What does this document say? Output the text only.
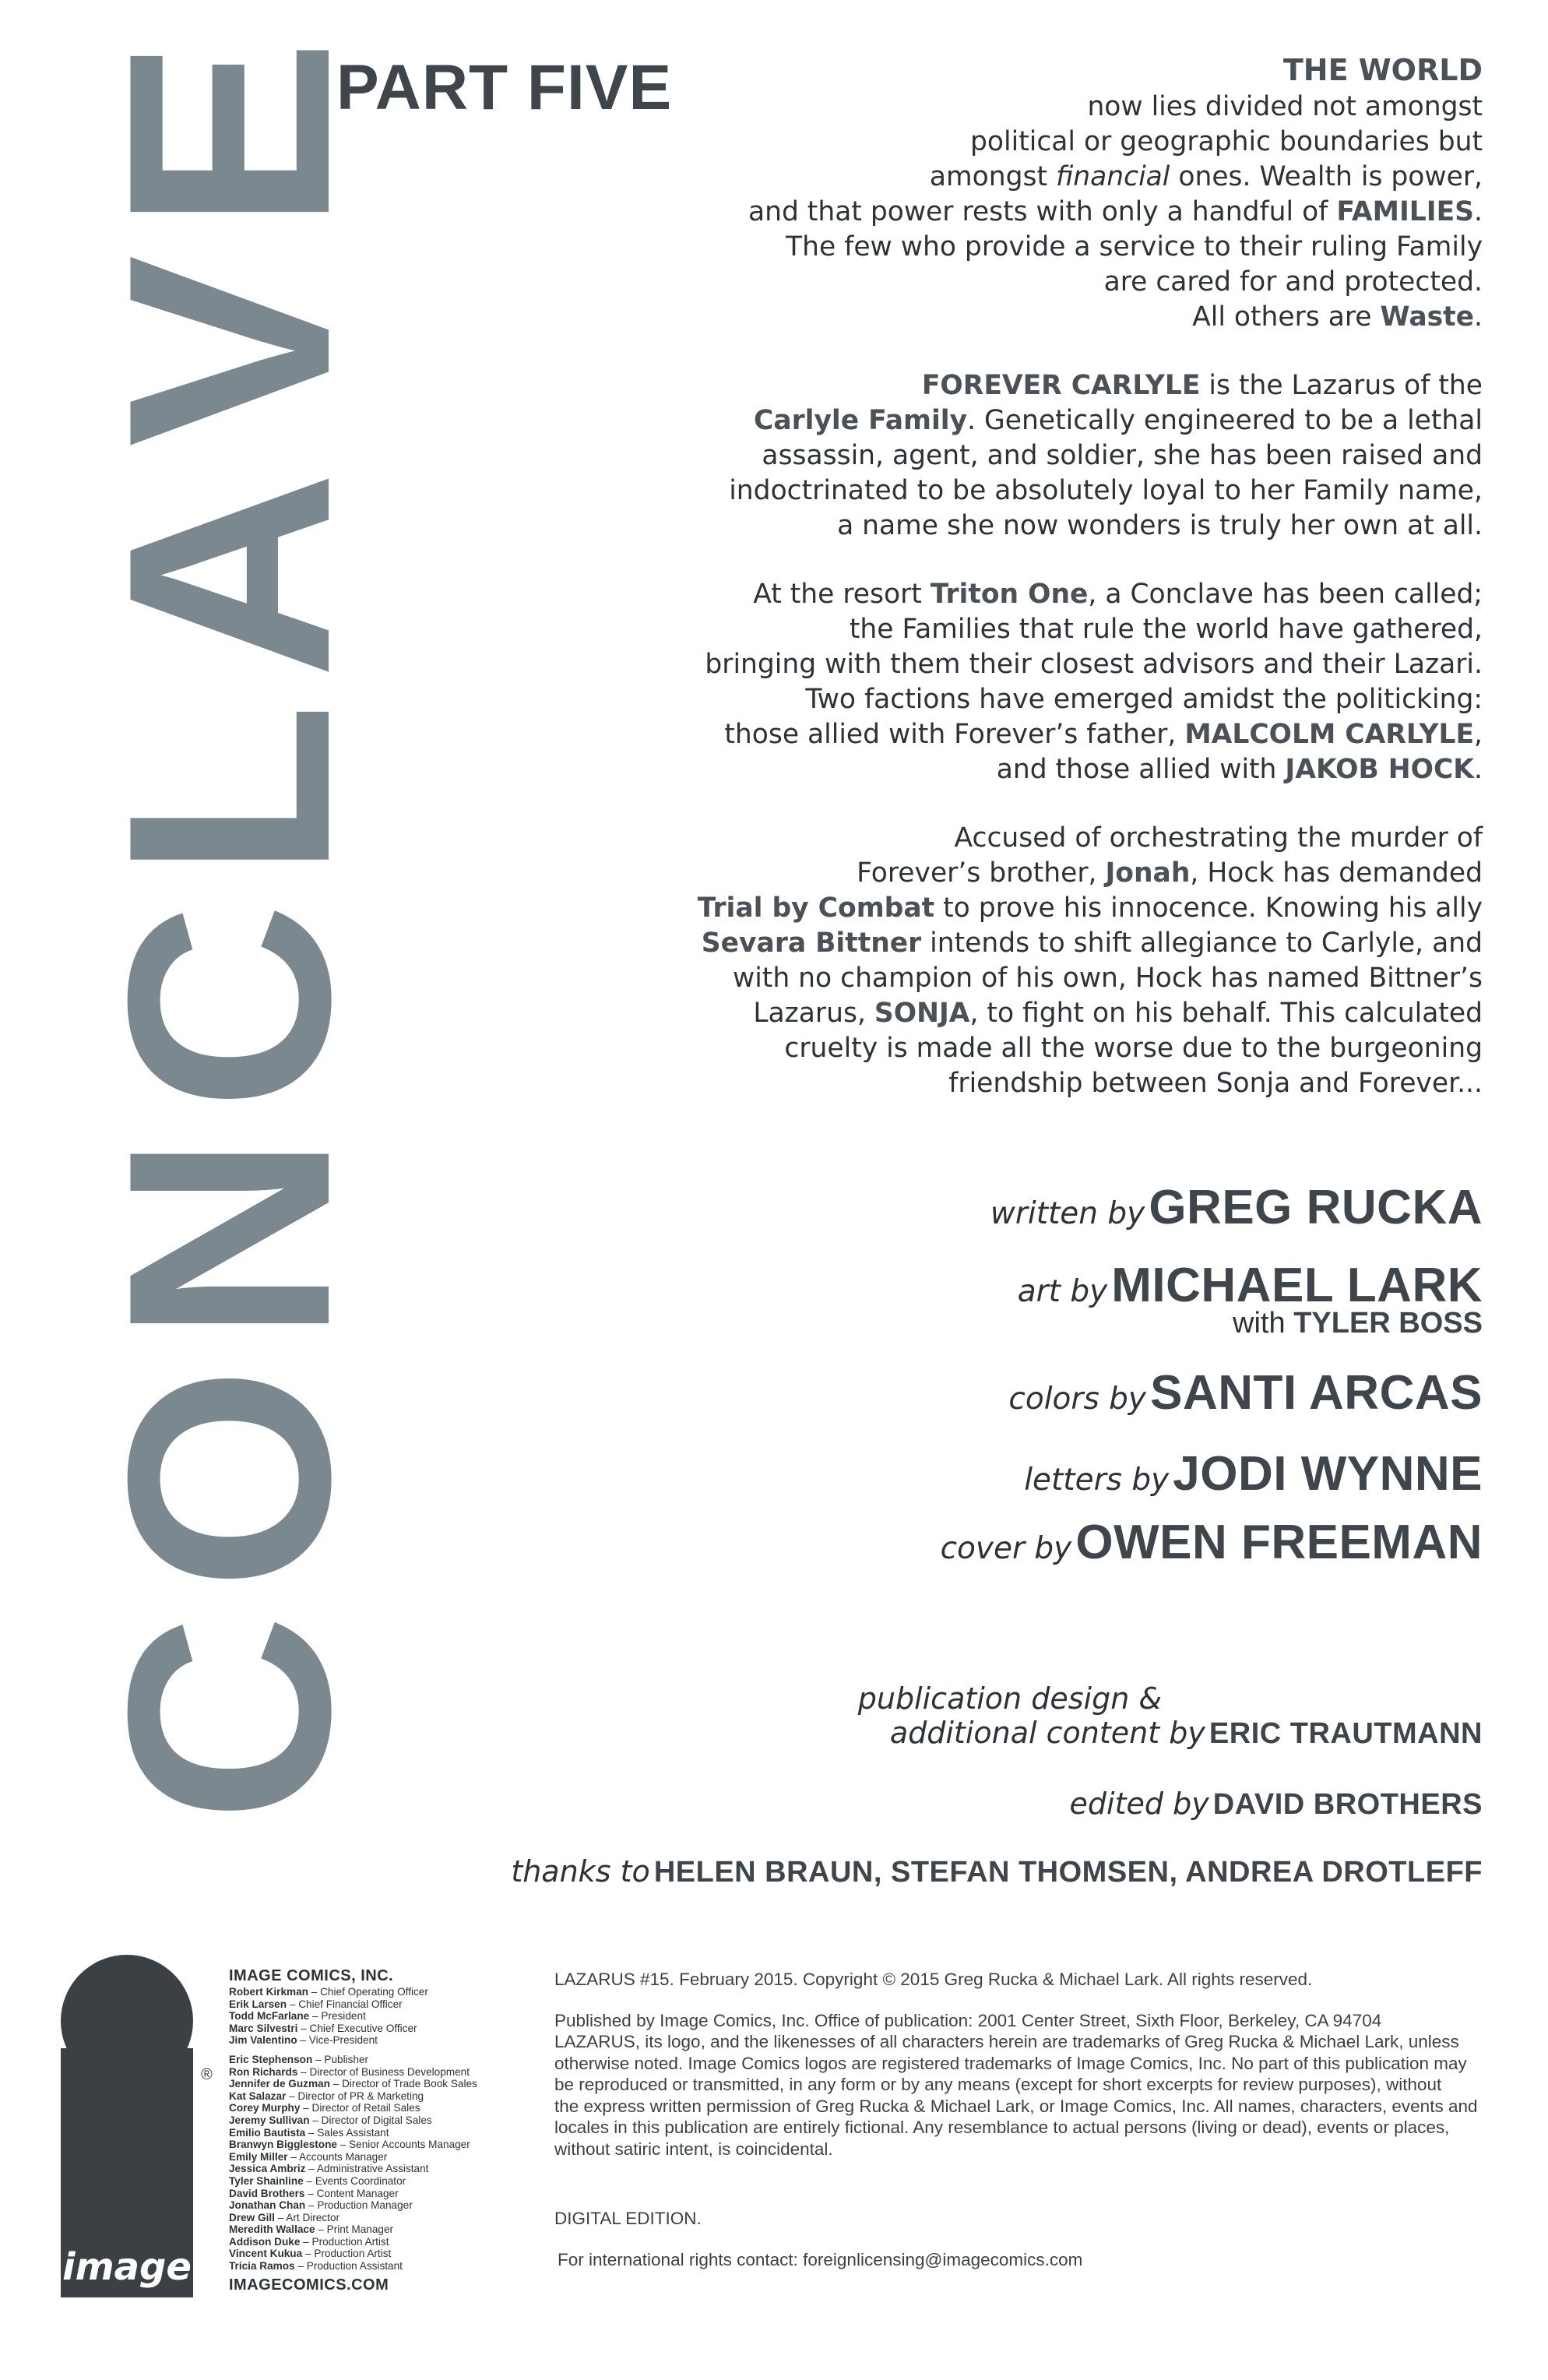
C
O
N
C
L
A
V
E
PART FIVE	THE WORLD
now lies divided not amongst
political or geographic boundaries but
amongst financial ones. Wealth is power,
and that power rests with only a handful of FAMILIES.
The few who provide a service to their ruling Family
are cared for and protected.
All others are Waste.

FOREVER CARLYLE is the Lazarus of the
Carlyle Family. Genetically engineered to be a lethal
assassin, agent, and soldier, she has been raised and
indoctrinated to be absolutely loyal to her Family name,
a name she now wonders is truly her own at all.

At the resort Triton One, a Conclave has been called;
the Families that rule the world have gathered,
bringing with them their closest advisors and their Lazari.
Two factions have emerged amidst the politicking:
those allied with Forever’s father, MALCOLM CARLYLE,
and those allied with JAKOB HOCK.

Accused of orchestrating the murder of
Forever’s brother, Jonah, Hock has demanded
Trial by Combat to prove his innocence. Knowing his ally
Sevara Bittner intends to shift allegiance to Carlyle, and
with no champion of his own, Hock has named Bittner’s
Lazarus, SONJA, to fight on his behalf. This calculated
cruelty is made all the worse due to the burgeoning
friendship between Sonja and Forever...

written by GREG RUCKA
art by MICHAEL LARK
with TYLER BOSS
colors by SANTI ARCAS
letters by JODI WYNNE
cover by OWEN FREEMAN
publication design &
additional content by ERIC TRAUTMANN
edited by DAVID BROTHERS
thanks to HELEN BRAUN, STEFAN THOMSEN, ANDREA DROTLEFF
image
®
IMAGE COMICS, INC.
Robert Kirkman – Chief Operating Officer
Erik Larsen – Chief Financial Officer
Todd McFarlane – President
Marc Silvestri – Chief Executive Officer
Jim Valentino – Vice-President
Eric Stephenson – Publisher
Ron Richards – Director of Business Development
Jennifer de Guzman – Director of Trade Book Sales
Kat Salazar – Director of PR & Marketing
Corey Murphy – Director of Retail Sales
Jeremy Sullivan – Director of Digital Sales
Emilio Bautista – Sales Assistant
Branwyn Bigglestone – Senior Accounts Manager
Emily Miller – Accounts Manager
Jessica Ambriz – Administrative Assistant
Tyler Shainline – Events Coordinator
David Brothers – Content Manager
Jonathan Chan – Production Manager
Drew Gill – Art Director
Meredith Wallace – Print Manager
Addison Duke – Production Artist
Vincent Kukua – Production Artist
Tricia Ramos – Production Assistant
IMAGECOMICS.COM

LAZARUS #15. February 2015. Copyright © 2015 Greg Rucka & Michael Lark. All rights reserved.

Published by Image Comics, Inc. Office of publication: 2001 Center Street, Sixth Floor, Berkeley, CA 94704

LAZARUS, its logo, and the likenesses of all characters herein are trademarks of Greg Rucka & Michael Lark, unless

otherwise noted. Image Comics logos are registered trademarks of Image Comics, Inc. No part of this publication may

be reproduced or transmitted, in any form or by any means (except for short excerpts for review purposes), without

the express written permission of Greg Rucka & Michael Lark, or Image Comics, Inc. All names, characters, events and

locales in this publication are entirely fictional. Any resemblance to actual persons (living or dead), events or places,

without satiric intent, is coincidental.

DIGITAL EDITION.

For international rights contact: foreignlicensing@imagecomics.com
